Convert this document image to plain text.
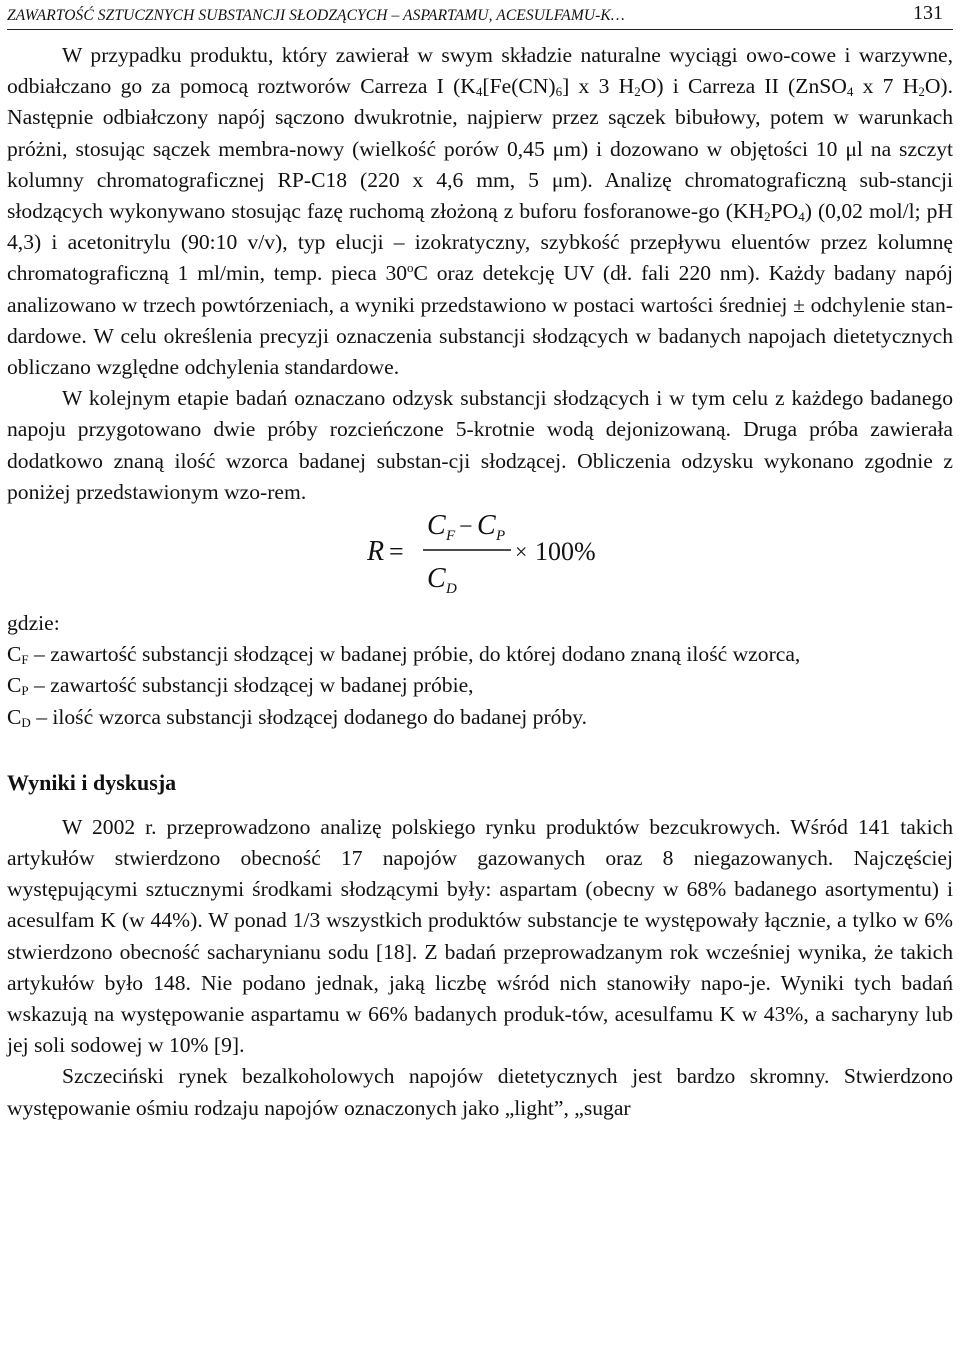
ZAWARTOŚĆ SZTUCZNYCH SUBSTANCJI SŁODZĄCYCH – ASPARTAMU, ACESULFAMU-K…	131

W przypadku produktu, który zawierał w swym składzie naturalne wyciągi owo-cowe i warzywne, odbiałczano go za pomocą roztworów Carreza I ($K_4[Fe(CN)_6]$ x 3 $H_2O$) i Carreza II (ZnSO$_4$ x 7 $H_2O$). Następnie odbiałczony napój sączono dwukrotnie, najpierw przez sączek bibułowy, potem w warunkach próżni, stosując sączek membra-nowy (wielkość porów 0,45 μm) i dozowano w objętości 10 μl na szczyt kolumny chromatograficznej RP-C18 (220 x 4,6 mm, 5 μm). Analizę chromatograficzną sub-stancji słodzących wykonywano stosując fazę ruchomą złożoną z buforu fosforanowe-go $(KH_2PO_4)$ (0,02 mol/l; pH 4,3) i acetonitrylu (90:10 v/v), typ elucji – izokratyczny, szybkość przepływu eluentów przez kolumnę chromatograficzną 1 ml/min, temp. pieca 30$^o$C oraz detekcję UV (dł. fali 220 nm). Każdy badany napój analizowano w trzech powtórzeniach, a wyniki przedstawiono w postaci wartości średniej ± odchylenie stan-dardowe. W celu określenia precyzji oznaczenia substancji słodzących w badanych napojach dietetycznych obliczano względne odchylenia standardowe.

W kolejnym etapie badań oznaczano odzysk substancji słodzących i w tym celu z każdego badanego napoju przygotowano dwie próby rozcieńczone 5-krotnie wodą dejonizowaną. Druga próba zawierała dodatkowo znaną ilość wzorca badanej substan-cji słodzącej. Obliczenia odzysku wykonano zgodnie z poniżej przedstawionym wzo-rem.

R =
C F − C P
C D
× 100%

gdzie:

$C_F$ – zawartość substancji słodzącej w badanej próbie, do której dodano znaną ilość wzorca,

$C_P$ – zawartość substancji słodzącej w badanej próbie,

$C_D$ – ilość wzorca substancji słodzącej dodanego do badanej próby.

Wyniki i dyskusja

W 2002 r. przeprowadzono analizę polskiego rynku produktów bezcukrowych. Wśród 141 takich artykułów stwierdzono obecność 17 napojów gazowanych oraz 8 niegazowanych. Najczęściej występującymi sztucznymi środkami słodzącymi były: aspartam (obecny w 68% badanego asortymentu) i acesulfam K (w 44%). W ponad 1/3 wszystkich produktów substancje te występowały łącznie, a tylko w 6% stwierdzono obecność sacharynianu sodu [18]. Z badań przeprowadzanym rok wcześniej wynika, że takich artykułów było 148. Nie podano jednak, jaką liczbę wśród nich stanowiły napo-je. Wyniki tych badań wskazują na występowanie aspartamu w 66% badanych produk-tów, acesulfamu K w 43%, a sacharyny lub jej soli sodowej w 10% [9].

Szczeciński rynek bezalkoholowych napojów dietetycznych jest bardzo skromny. Stwierdzono występowanie ośmiu rodzaju napojów oznaczonych jako „light”, „sugar
